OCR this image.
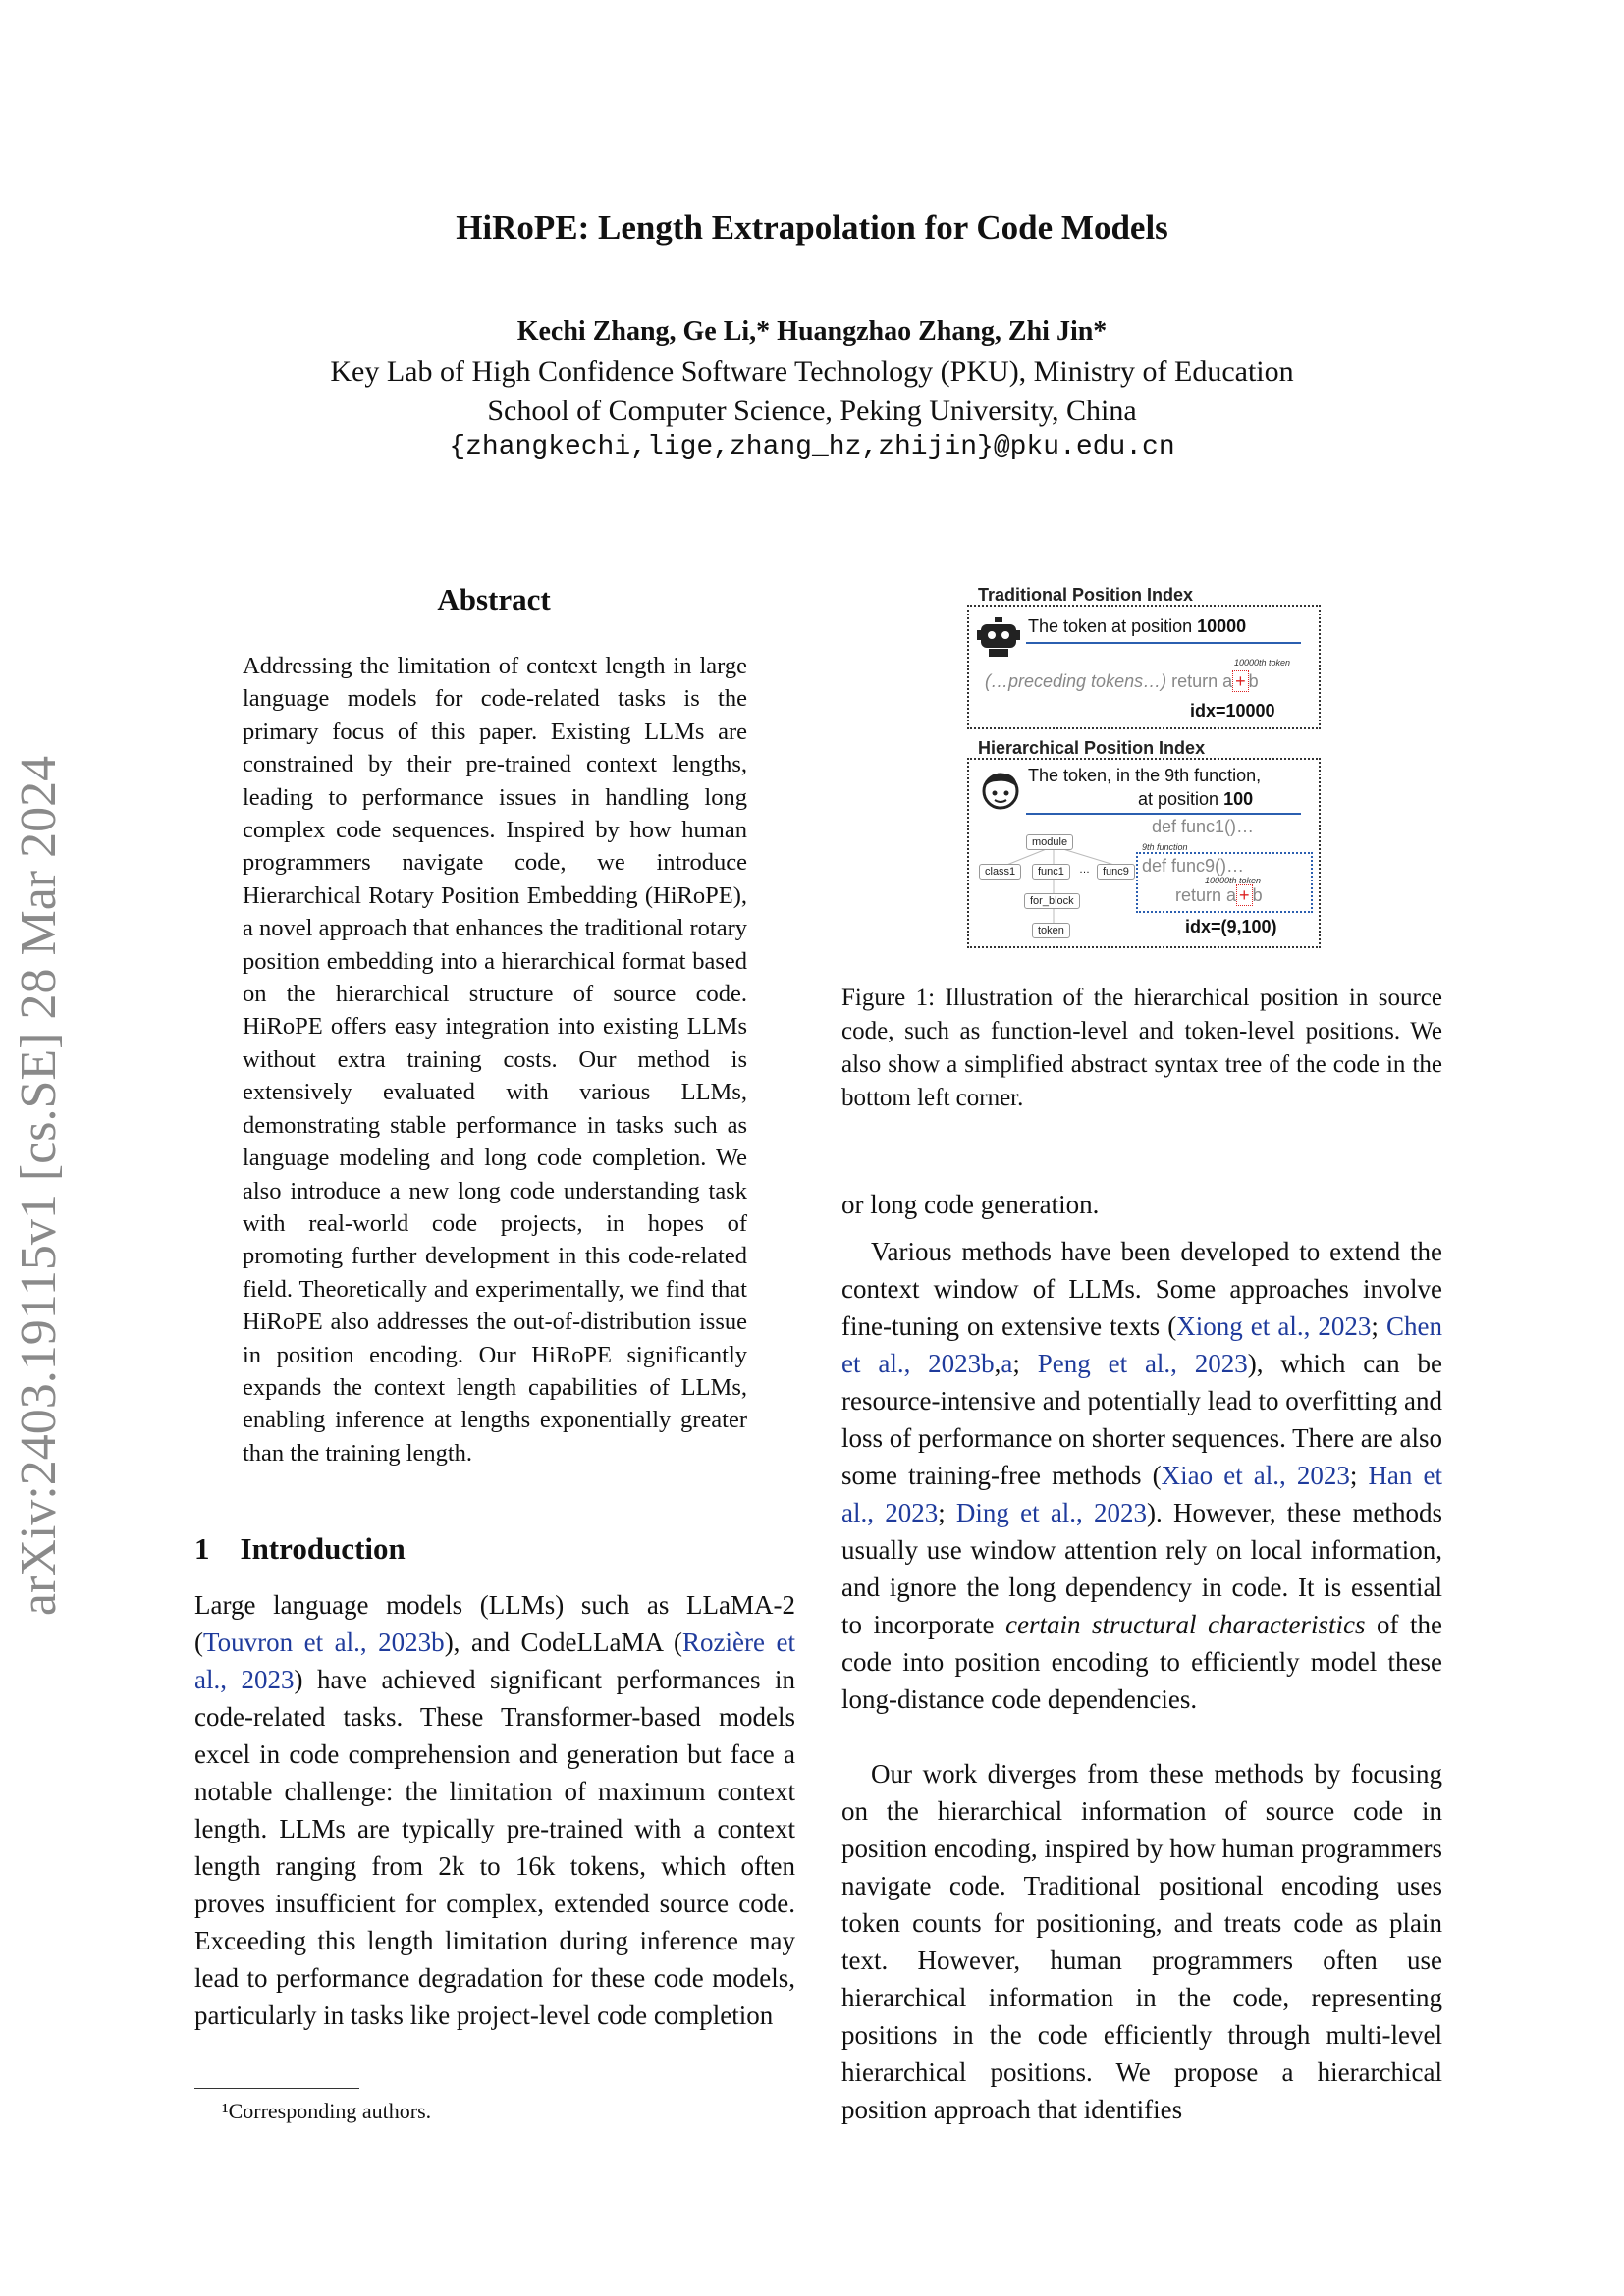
HiRoPE: Length Extrapolation for Code Models
Kechi Zhang, Ge Li,* Huangzhao Zhang, Zhi Jin*
Key Lab of High Confidence Software Technology (PKU), Ministry of Education
School of Computer Science, Peking University, China
{zhangkechi,lige,zhang_hz,zhijin}@pku.edu.cn
arXiv:2403.19115v1 [cs.SE] 28 Mar 2024
Abstract
Addressing the limitation of context length in large language models for code-related tasks is the primary focus of this paper. Existing LLMs are constrained by their pre-trained context lengths, leading to performance issues in handling long complex code sequences. Inspired by how human programmers navigate code, we introduce Hierarchical Rotary Position Embedding (HiRoPE), a novel approach that enhances the traditional rotary position embedding into a hierarchical format based on the hierarchical structure of source code. HiRoPE offers easy integration into existing LLMs without extra training costs. Our method is extensively evaluated with various LLMs, demonstrating stable performance in tasks such as language modeling and long code completion. We also introduce a new long code understanding task with real-world code projects, in hopes of promoting further development in this code-related field. Theoretically and experimentally, we find that HiRoPE also addresses the out-of-distribution issue in position encoding. Our HiRoPE significantly expands the context length capabilities of LLMs, enabling inference at lengths exponentially greater than the training length.
1    Introduction
Large language models (LLMs) such as LLaMA-2 (Touvron et al., 2023b), and CodeLLaMA (Rozière et al., 2023) have achieved significant performances in code-related tasks. These Transformer-based models excel in code comprehension and generation but face a notable challenge: the limitation of maximum context length. LLMs are typically pre-trained with a context length ranging from 2k to 16k tokens, which often proves insufficient for complex, extended source code. Exceeding this length limitation during inference may lead to performance degradation for these code models, particularly in tasks like project-level code completion
¹Corresponding authors.
Traditional Position Index
The token at position 10000
10000th token
(…preceding tokens…) return a + b
idx=10000
Hierarchical Position Index
The token, in the 9th function,
at position 100
def func1()…
9th function
def func9()…
10000th token
return a + b
idx=(9,100)
module
class1	func1	…	func9
for_block
token
Figure 1: Illustration of the hierarchical position in source code, such as function-level and token-level positions. We also show a simplified abstract syntax tree of the code in the bottom left corner.
or long code generation.

Various methods have been developed to extend the context window of LLMs. Some approaches involve fine-tuning on extensive texts (Xiong et al., 2023; Chen et al., 2023b,a; Peng et al., 2023), which can be resource-intensive and potentially lead to overfitting and loss of performance on shorter sequences. There are also some training-free methods (Xiao et al., 2023; Han et al., 2023; Ding et al., 2023). However, these methods usually use window attention rely on local information, and ignore the long dependency in code. It is essential to incorporate certain structural characteristics of the code into position encoding to efficiently model these long-distance code dependencies.

Our work diverges from these methods by focusing on the hierarchical information of source code in position encoding, inspired by how human programmers navigate code. Traditional positional encoding uses token counts for positioning, and treats code as plain text. However, human programmers often use hierarchical information in the code, representing positions in the code efficiently through multi-level hierarchical positions. We propose a hierarchical position approach that identifies
